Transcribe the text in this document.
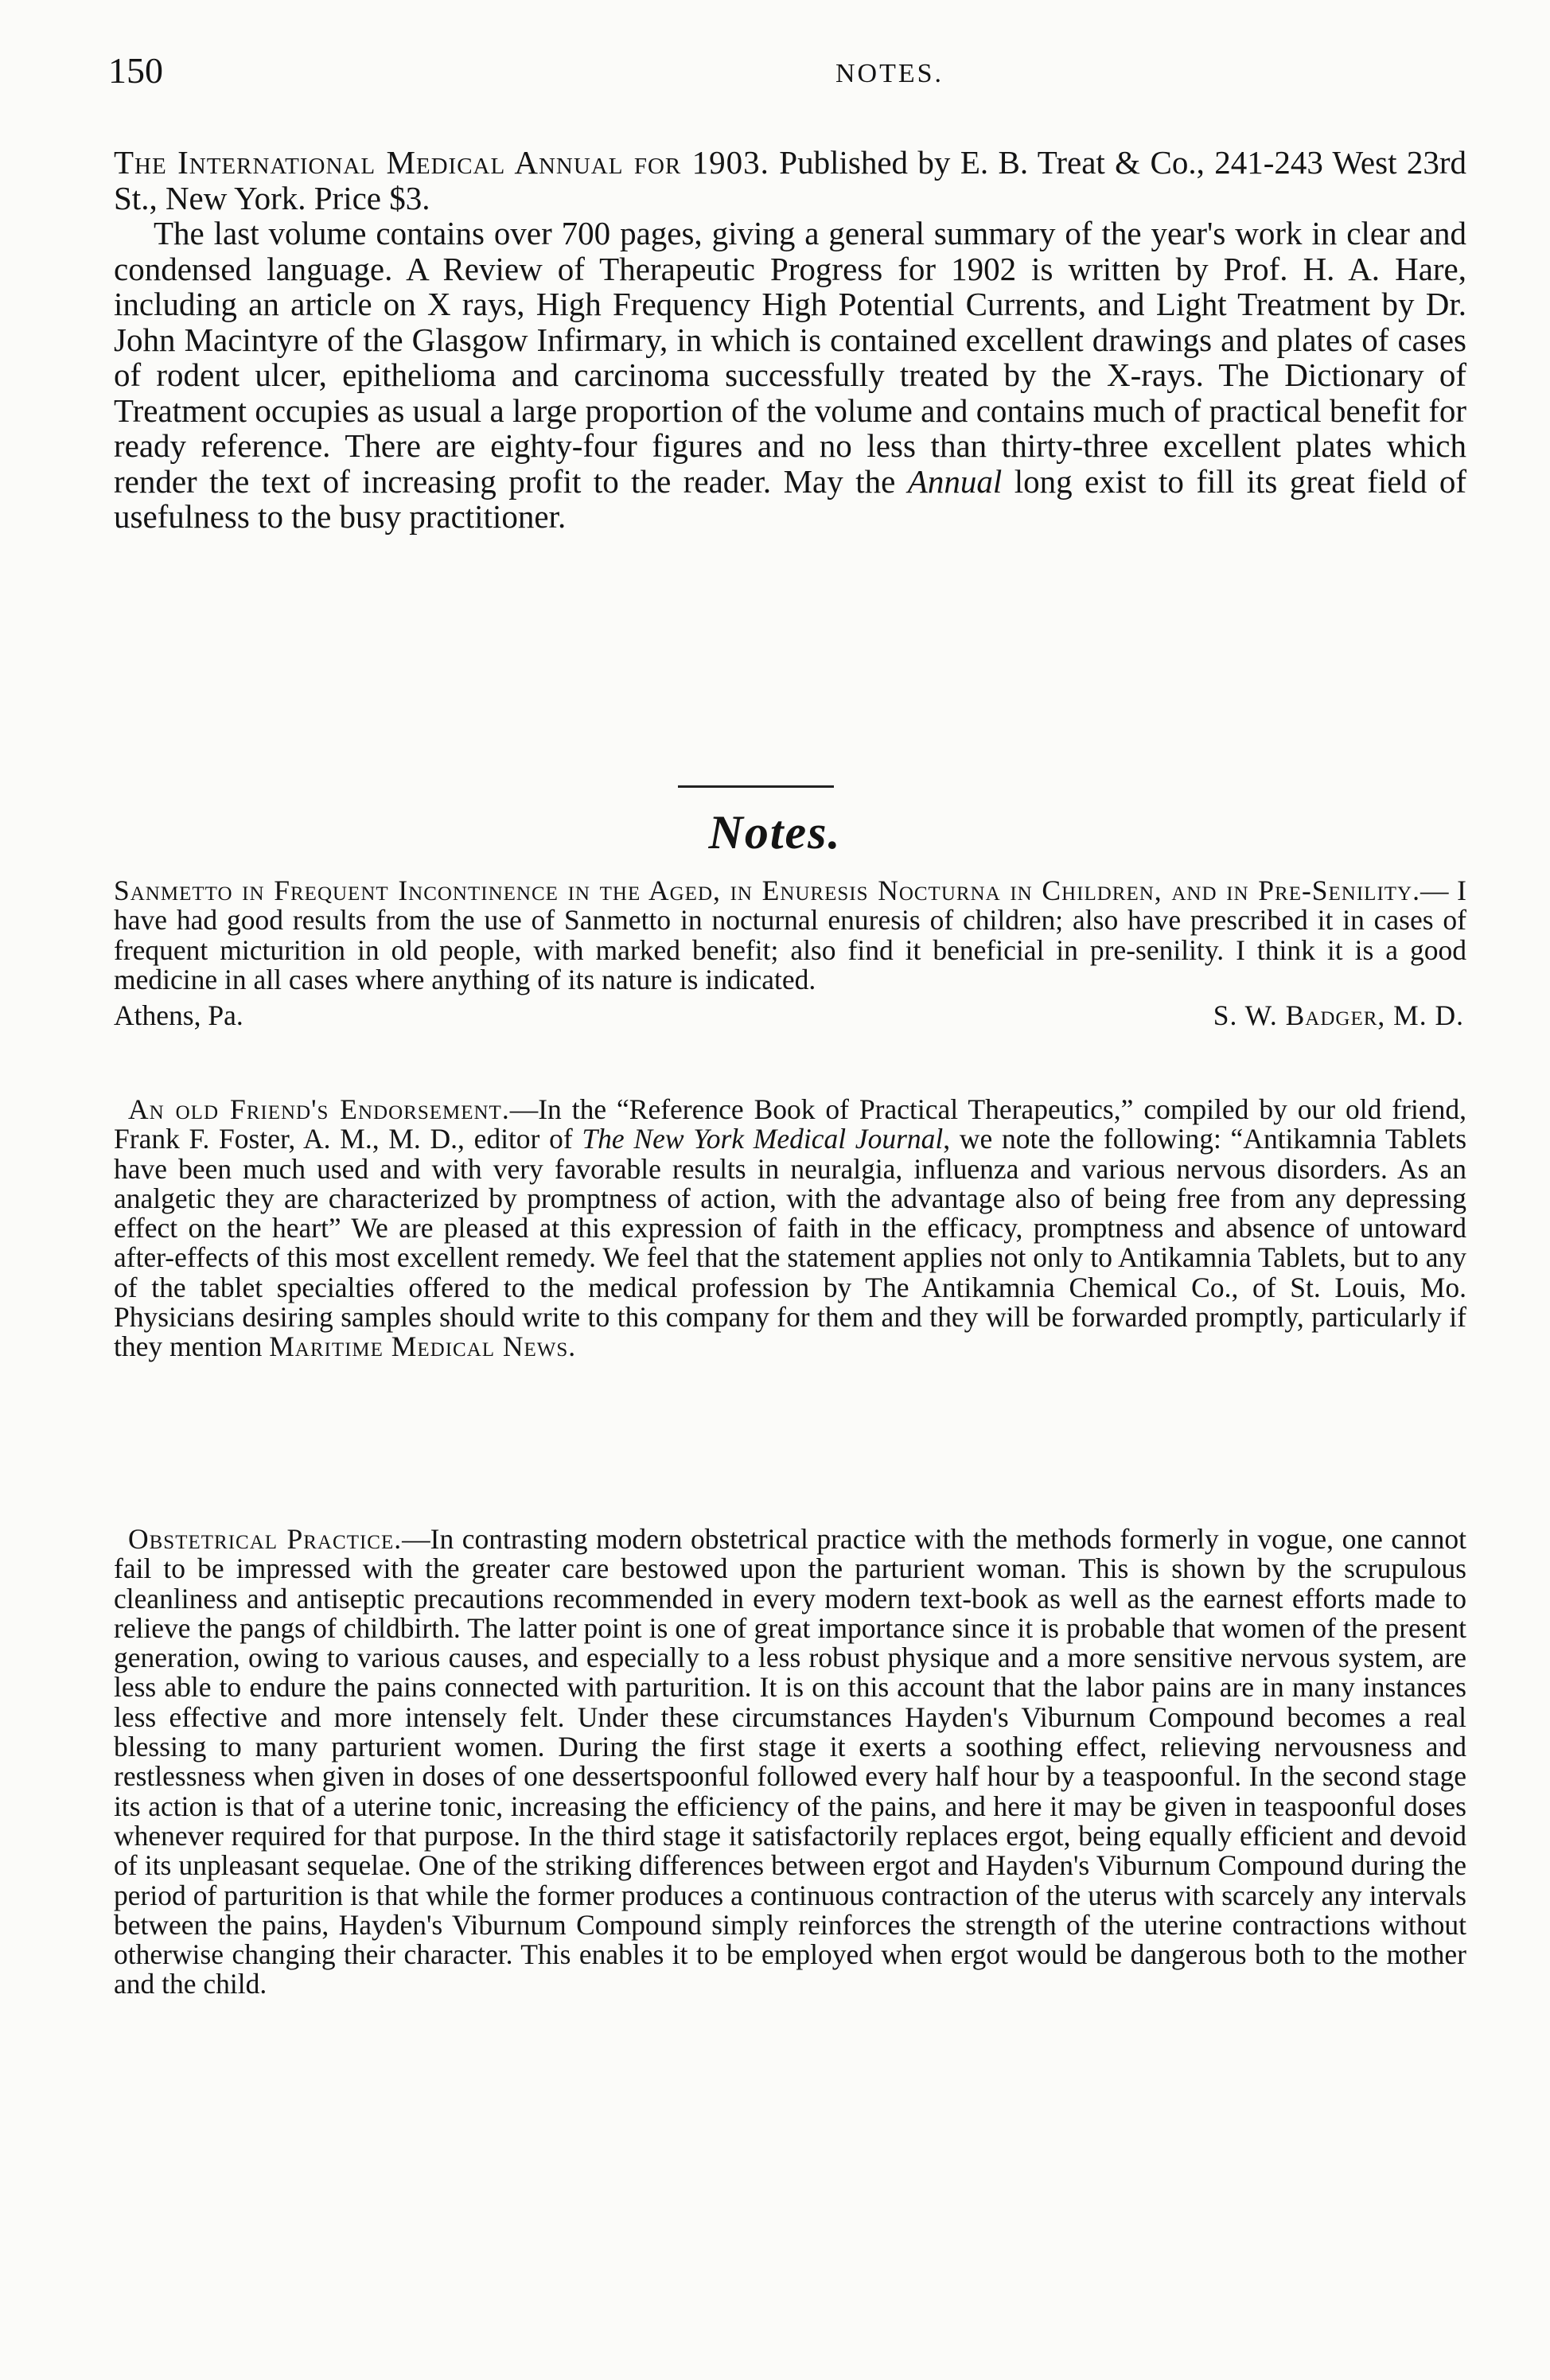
150	NOTES.

The International Medical Annual for 1903. Published by E. B. Treat & Co., 241-243 West 23rd St., New York. Price $3.

The last volume contains over 700 pages, giving a general summary of the year's work in clear and condensed language. A Review of Therapeutic Progress for 1902 is written by Prof. H. A. Hare, including an article on X rays, High Frequency High Potential Currents, and Light Treatment by Dr. John Macintyre of the Glasgow Infirmary, in which is contained excellent drawings and plates of cases of rodent ulcer, epithelioma and carcinoma successfully treated by the X-rays. The Dictionary of Treatment occupies as usual a large proportion of the volume and contains much of practical benefit for ready reference. There are eighty-four figures and no less than thirty-three excellent plates which render the text of increasing profit to the reader. May the Annual long exist to fill its great field of usefulness to the busy practitioner.

Notes.

Sanmetto in Frequent Incontinence in the Aged, in Enuresis Nocturna in Children, and in Pre-Senility.— I have had good results from the use of Sanmetto in nocturnal enuresis of children; also have prescribed it in cases of frequent micturition in old people, with marked benefit; also find it beneficial in pre-senility. I think it is a good medicine in all cases where anything of its nature is indicated.

Athens, Pa.	S. W. Badger, M. D.

An old Friend's Endorsement.—In the “Reference Book of Practical Therapeutics,” compiled by our old friend, Frank F. Foster, A. M., M. D., editor of The New York Medical Journal, we note the following: “Antikamnia Tablets have been much used and with very favorable results in neuralgia, influenza and various nervous disorders. As an analgetic they are characterized by promptness of action, with the advantage also of being free from any depressing effect on the heart” We are pleased at this expression of faith in the efficacy, promptness and absence of untoward after-effects of this most excellent remedy. We feel that the statement applies not only to Antikamnia Tablets, but to any of the tablet specialties offered to the medical profession by The Antikamnia Chemical Co., of St. Louis, Mo. Physicians desiring samples should write to this company for them and they will be forwarded promptly, particularly if they mention Maritime Medical News.

Obstetrical Practice.—In contrasting modern obstetrical practice with the methods formerly in vogue, one cannot fail to be impressed with the greater care bestowed upon the parturient woman. This is shown by the scrupulous cleanliness and antiseptic precautions recommended in every modern text-book as well as the earnest efforts made to relieve the pangs of childbirth. The latter point is one of great importance since it is probable that women of the present generation, owing to various causes, and especially to a less robust physique and a more sensitive nervous system, are less able to endure the pains connected with parturition. It is on this account that the labor pains are in many instances less effective and more intensely felt. Under these circumstances Hayden's Viburnum Compound becomes a real blessing to many parturient women. During the first stage it exerts a soothing effect, relieving nervousness and restlessness when given in doses of one dessertspoonful followed every half hour by a teaspoonful. In the second stage its action is that of a uterine tonic, increasing the efficiency of the pains, and here it may be given in teaspoonful doses whenever required for that purpose. In the third stage it satisfactorily replaces ergot, being equally efficient and devoid of its unpleasant sequelae. One of the striking differences between ergot and Hayden's Viburnum Compound during the period of parturition is that while the former produces a continuous contraction of the uterus with scarcely any intervals between the pains, Hayden's Viburnum Compound simply reinforces the strength of the uterine contractions without otherwise changing their character. This enables it to be employed when ergot would be dangerous both to the mother and the child.
